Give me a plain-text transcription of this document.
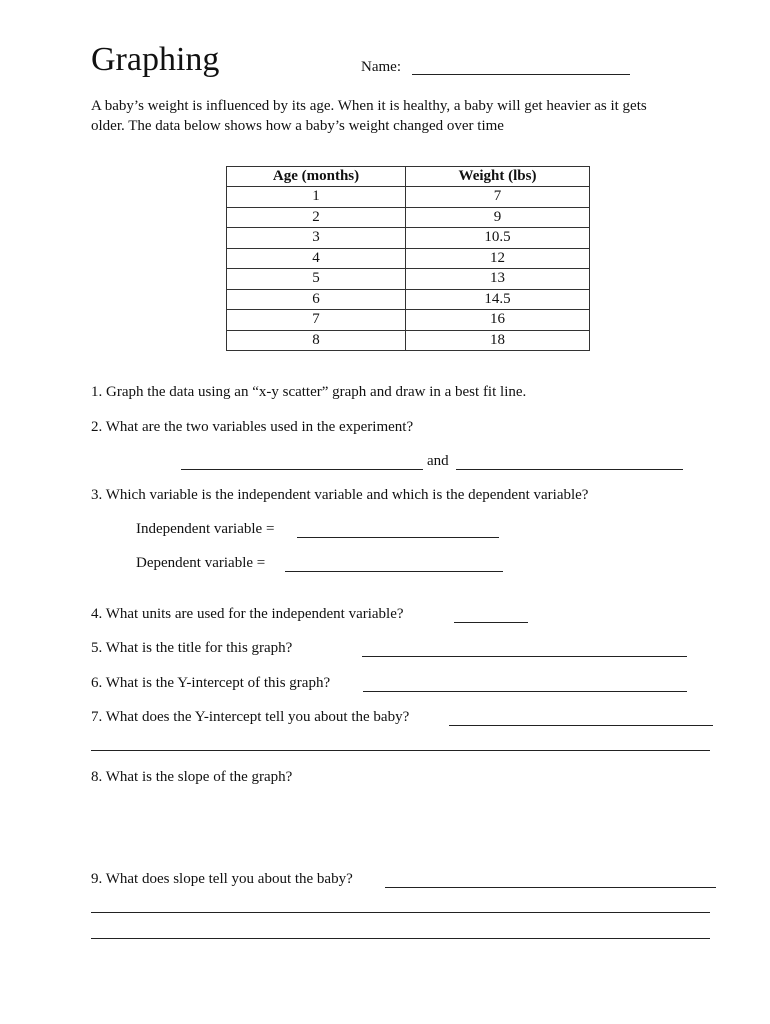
Graphing	Name:
A baby’s weight is influenced by its age. When it is healthy, a baby will get heavier as it gets
older. The data below shows how a baby’s weight changed over time
Age (months)	Weight (lbs)
1	7
2	9
3	10.5
4	12
5	13
6	14.5
7	16
8	18
1. Graph the data using an “x-y scatter” graph and draw in a best fit line.
2. What are the two variables used in the experiment?
and
3. Which variable is the independent variable and which is the dependent variable?
Independent variable =
Dependent variable =
4. What units are used for the independent variable?
5. What is the title for this graph?
6. What is the Y-intercept of this graph?
7. What does the Y-intercept tell you about the baby?
8. What is the slope of the graph?
9. What does slope tell you about the baby?
